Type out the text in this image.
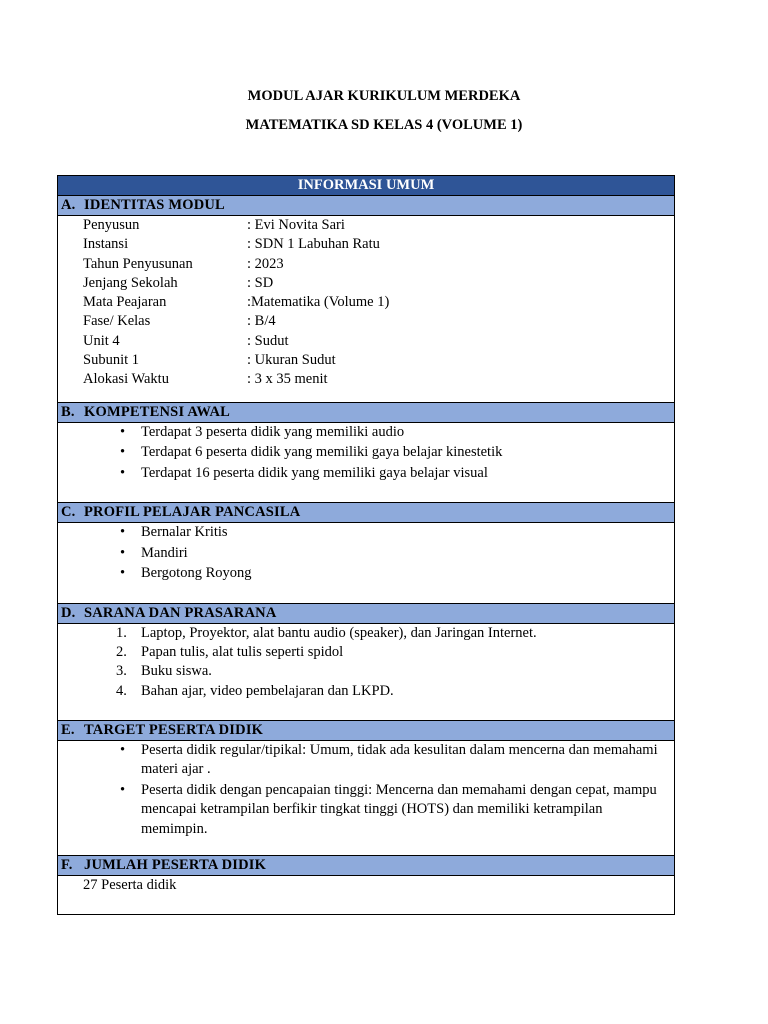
MODUL AJAR KURIKULUM MERDEKA
MATEMATIKA SD KELAS 4 (VOLUME 1)
INFORMASI UMUM
A. IDENTITAS MODUL
Penyusun	: Evi Novita Sari
Instansi	: SDN 1 Labuhan Ratu
Tahun Penyusunan	: 2023
Jenjang Sekolah	: SD
Mata Peajaran	:Matematika (Volume 1)
Fase/ Kelas	: B/4
Unit 4	: Sudut
Subunit 1	: Ukuran Sudut
Alokasi Waktu	: 3 x 35 menit
B. KOMPETENSI AWAL
• Terdapat 3 peserta didik yang memiliki audio
• Terdapat 6 peserta didik yang memiliki gaya belajar kinestetik
• Terdapat 16 peserta didik yang memiliki gaya belajar visual
C. PROFIL PELAJAR PANCASILA
• Bernalar Kritis
• Mandiri
• Bergotong Royong
D. SARANA DAN PRASARANA
1. Laptop, Proyektor, alat bantu audio (speaker), dan Jaringan Internet.
2. Papan tulis, alat tulis seperti spidol
3. Buku siswa.
4. Bahan ajar, video pembelajaran dan LKPD.
E. TARGET PESERTA DIDIK
• Peserta didik regular/tipikal: Umum, tidak ada kesulitan dalam mencerna dan memahami materi ajar .
• Peserta didik dengan pencapaian tinggi: Mencerna dan memahami dengan cepat, mampu mencapai ketrampilan berfikir tingkat tinggi (HOTS) dan memiliki ketrampilan memimpin.
F. JUMLAH PESERTA DIDIK
27 Peserta didik
